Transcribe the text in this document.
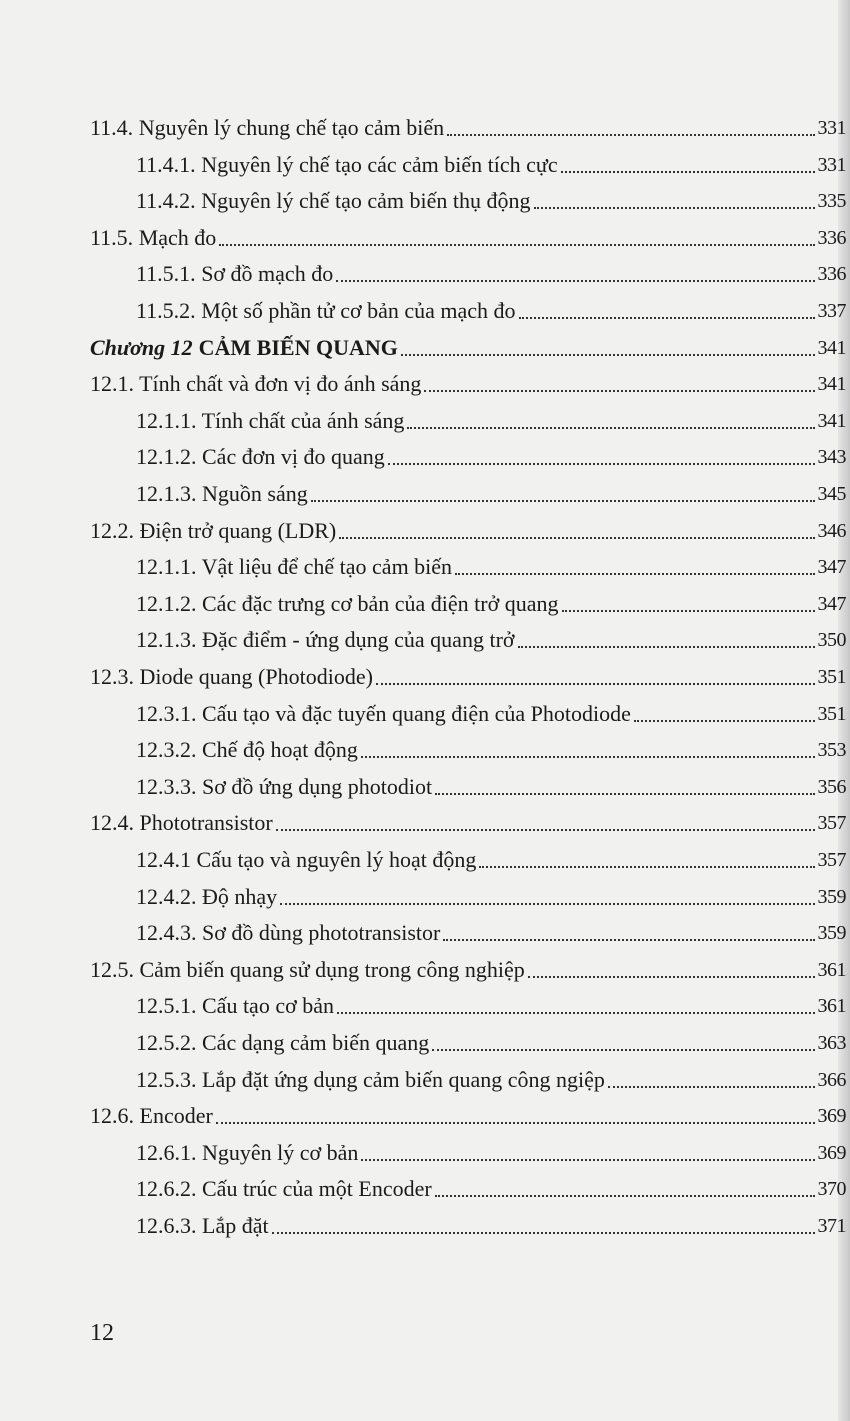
11.4. Nguyên lý chung chế tạo cảm biến	331
11.4.1. Nguyên lý chế tạo các cảm biến tích cực	331
11.4.2. Nguyên lý chế tạo cảm biến thụ động	335
11.5. Mạch đo	336
11.5.1. Sơ đồ mạch đo	336
11.5.2. Một số phần tử cơ bản của mạch đo	337
Chương 12 CẢM BIẾN QUANG	341
12.1. Tính chất và đơn vị đo ánh sáng	341
12.1.1. Tính chất của ánh sáng	341
12.1.2. Các đơn vị đo quang	343
12.1.3. Nguồn sáng	345
12.2. Điện trở quang (LDR)	346
12.1.1. Vật liệu để chế tạo cảm biến	347
12.1.2. Các đặc trưng cơ bản của điện trở quang	347
12.1.3. Đặc điểm - ứng dụng của quang trở	350
12.3. Diode quang (Photodiode)	351
12.3.1. Cấu tạo và đặc tuyến quang điện của Photodiode	351
12.3.2. Chế độ hoạt động	353
12.3.3. Sơ đồ ứng dụng photodiot	356
12.4. Phototransistor	357
12.4.1 Cấu tạo và nguyên lý hoạt động	357
12.4.2. Độ nhạy	359
12.4.3. Sơ đồ dùng phototransistor	359
12.5. Cảm biến quang sử dụng trong công nghiệp	361
12.5.1. Cấu tạo cơ bản	361
12.5.2. Các dạng cảm biến quang	363
12.5.3. Lắp đặt ứng dụng cảm biến quang công ngiệp	366
12.6. Encoder	369
12.6.1. Nguyên lý cơ bản	369
12.6.2. Cấu trúc của một Encoder	370
12.6.3. Lắp đặt	371
12
